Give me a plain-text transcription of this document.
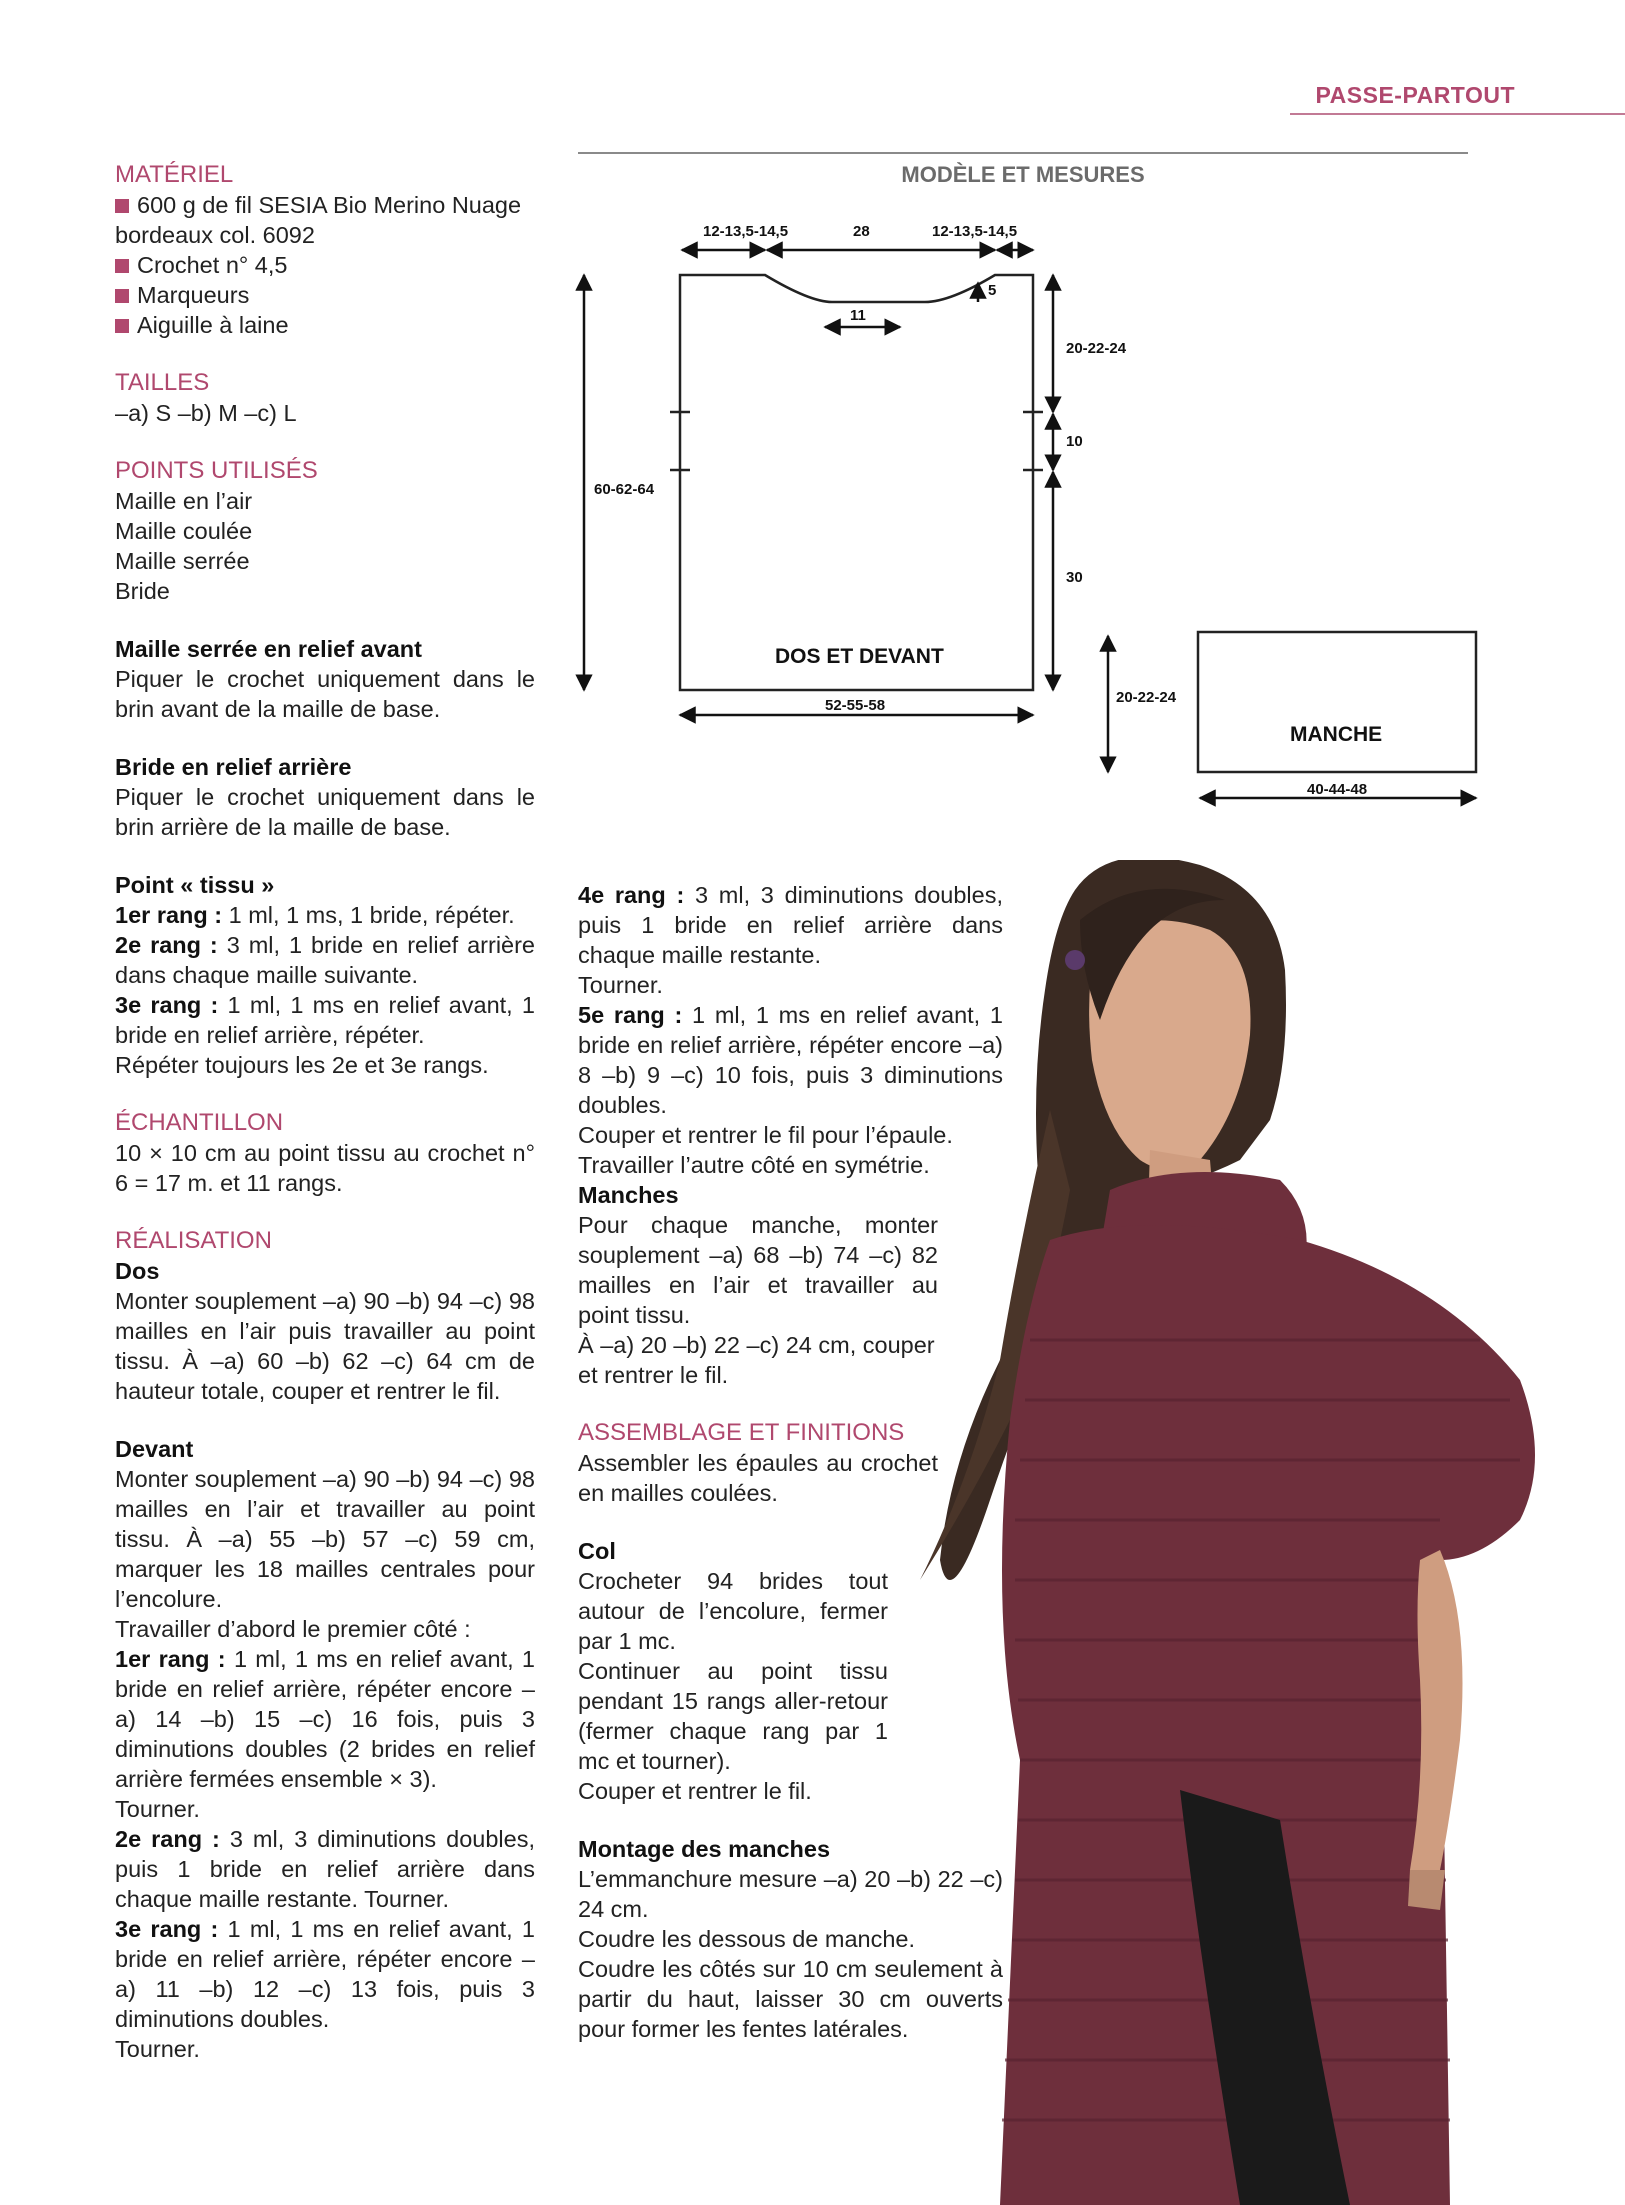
PASSE-PARTOUT
MODÈLE ET MESURES
12-13,5-14,5	28	12-13,5-14,5
5
11
20-22-24
10
30
60-62-64
52-55-58	20-22-24
40-44-48
DOS ET DEVANT
MANCHE

MATÉRIEL

600 g de fil SESIA Bio Merino Nuage bordeaux col. 6092

Crochet n° 4,5

Marqueurs

Aiguille à laine

TAILLES

–a) S –b) M –c) L

POINTS UTILISÉS

Maille en l’air

Maille coulée

Maille serrée

Bride

Maille serrée en relief avant

Piquer le crochet uniquement dans le brin avant de la maille de base.

Bride en relief arrière

Piquer le crochet uniquement dans le brin arrière de la maille de base.

Point « tissu »

1er rang : 1 ml, 1 ms, 1 bride, répéter.

2e rang : 3 ml, 1 bride en relief arrière dans chaque maille suivante.

3e rang : 1 ml, 1 ms en relief avant, 1 bride en relief arrière, répéter.

Répéter toujours les 2e et 3e rangs.

ÉCHANTILLON

10 × 10 cm au point tissu au crochet n° 6 = 17 m. et 11 rangs.

RÉALISATION

Dos

Monter souplement –a) 90 –b) 94 –c) 98 mailles en l’air puis travailler au point tissu. À –a) 60 –b) 62 –c) 64 cm de hauteur totale, couper et rentrer le fil.

Devant

Monter souplement –a) 90 –b) 94 –c) 98 mailles en l’air et travailler au point tissu. À –a) 55 –b) 57 –c) 59 cm, marquer les 18 mailles centrales pour l’encolure.

Travailler d’abord le premier côté :

1er rang : 1 ml, 1 ms en relief avant, 1 bride en relief arrière, répéter encore –a) 14 –b) 15 –c) 16 fois, puis 3 diminutions doubles (2 brides en relief arrière fermées ensemble × 3).

Tourner.

2e rang : 3 ml, 3 diminutions doubles, puis 1 bride en relief arrière dans chaque maille restante. Tourner.

3e rang : 1 ml, 1 ms en relief avant, 1 bride en relief arrière, répéter encore –a) 11 –b) 12 –c) 13 fois, puis 3 diminutions doubles.

Tourner.

4e rang : 3 ml, 3 diminutions doubles, puis 1 bride en relief arrière dans chaque maille restante.

Tourner.

5e rang : 1 ml, 1 ms en relief avant, 1 bride en relief arrière, répéter encore –a) 8 –b) 9 –c) 10 fois, puis 3 diminutions doubles.

Couper et rentrer le fil pour l’épaule.

Travailler l’autre côté en symétrie.

Manches

Pour chaque manche, monter souplement –a) 68 –b) 74 –c) 82 mailles en l’air et travailler au point tissu.

À –a) 20 –b) 22 –c) 24 cm, couper et rentrer le fil.

ASSEMBLAGE ET FINITIONS

Assembler les épaules au crochet en mailles coulées.

Col

Crocheter 94 brides tout autour de l’encolure, fermer par 1 mc.

Continuer au point tissu pendant 15 rangs aller-retour (fermer chaque rang par 1 mc et tourner).

Couper et rentrer le fil.

Montage des manches

L’emmanchure mesure –a) 20 –b) 22 –c) 24 cm.

Coudre les dessous de manche.

Coudre les côtés sur 10 cm seulement à partir du haut, laisser 30 cm ouverts pour former les fentes latérales.
